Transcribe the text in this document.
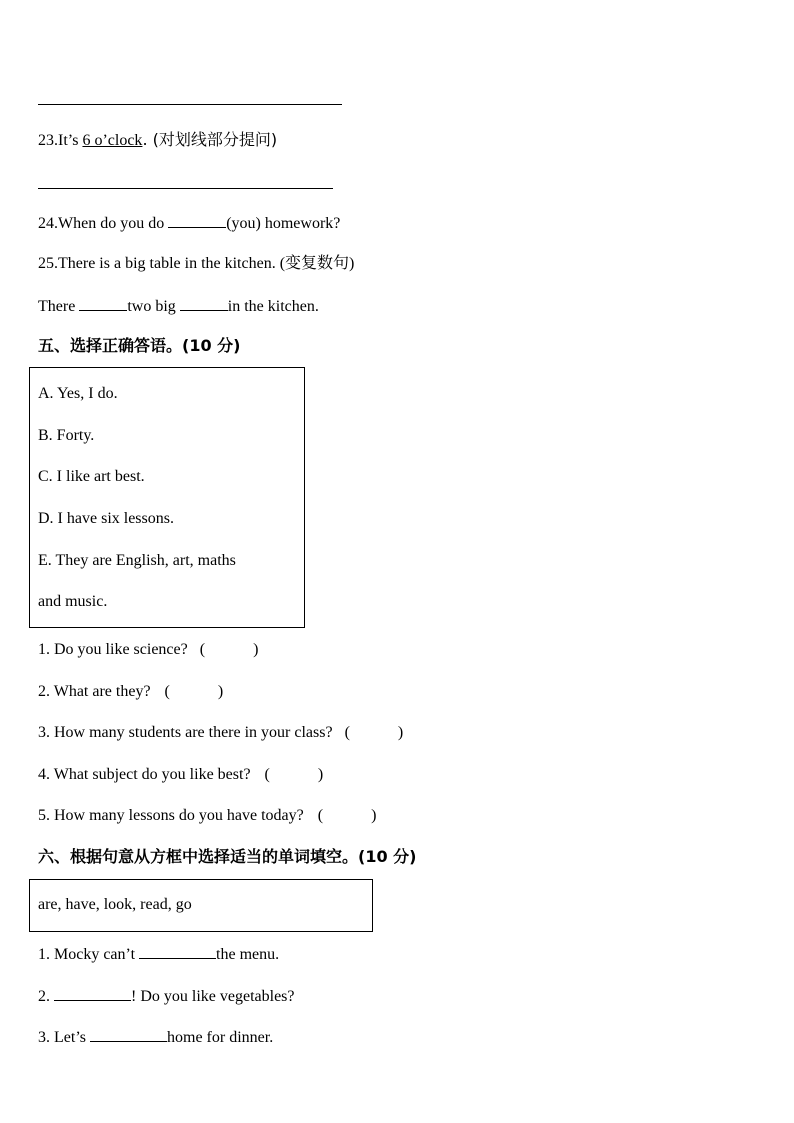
23.It’s 6 o’clock. (对划线部分提问)
24.When do you do	(you) homework?
25.There is a big table in the kitchen. (变复数句)
There	two big	in the kitchen.
五、选择正确答语。(10 分)
A. Yes, I do.
B. Forty.
C. I like art best.
D. I have six lessons.
E. They are English, art, maths
and music.
1. Do you like science? (	)
2. What are they? (	)
3. How many students are there in your class? (	)
4. What subject do you like best? (	)
5. How many lessons do you have today? (	)
六、根据句意从方框中选择适当的单词填空。(10 分)
are, have, look, read, go
1. Mocky can’t	the menu.
2.	! Do you like vegetables?
3. Let’s	home for dinner.
